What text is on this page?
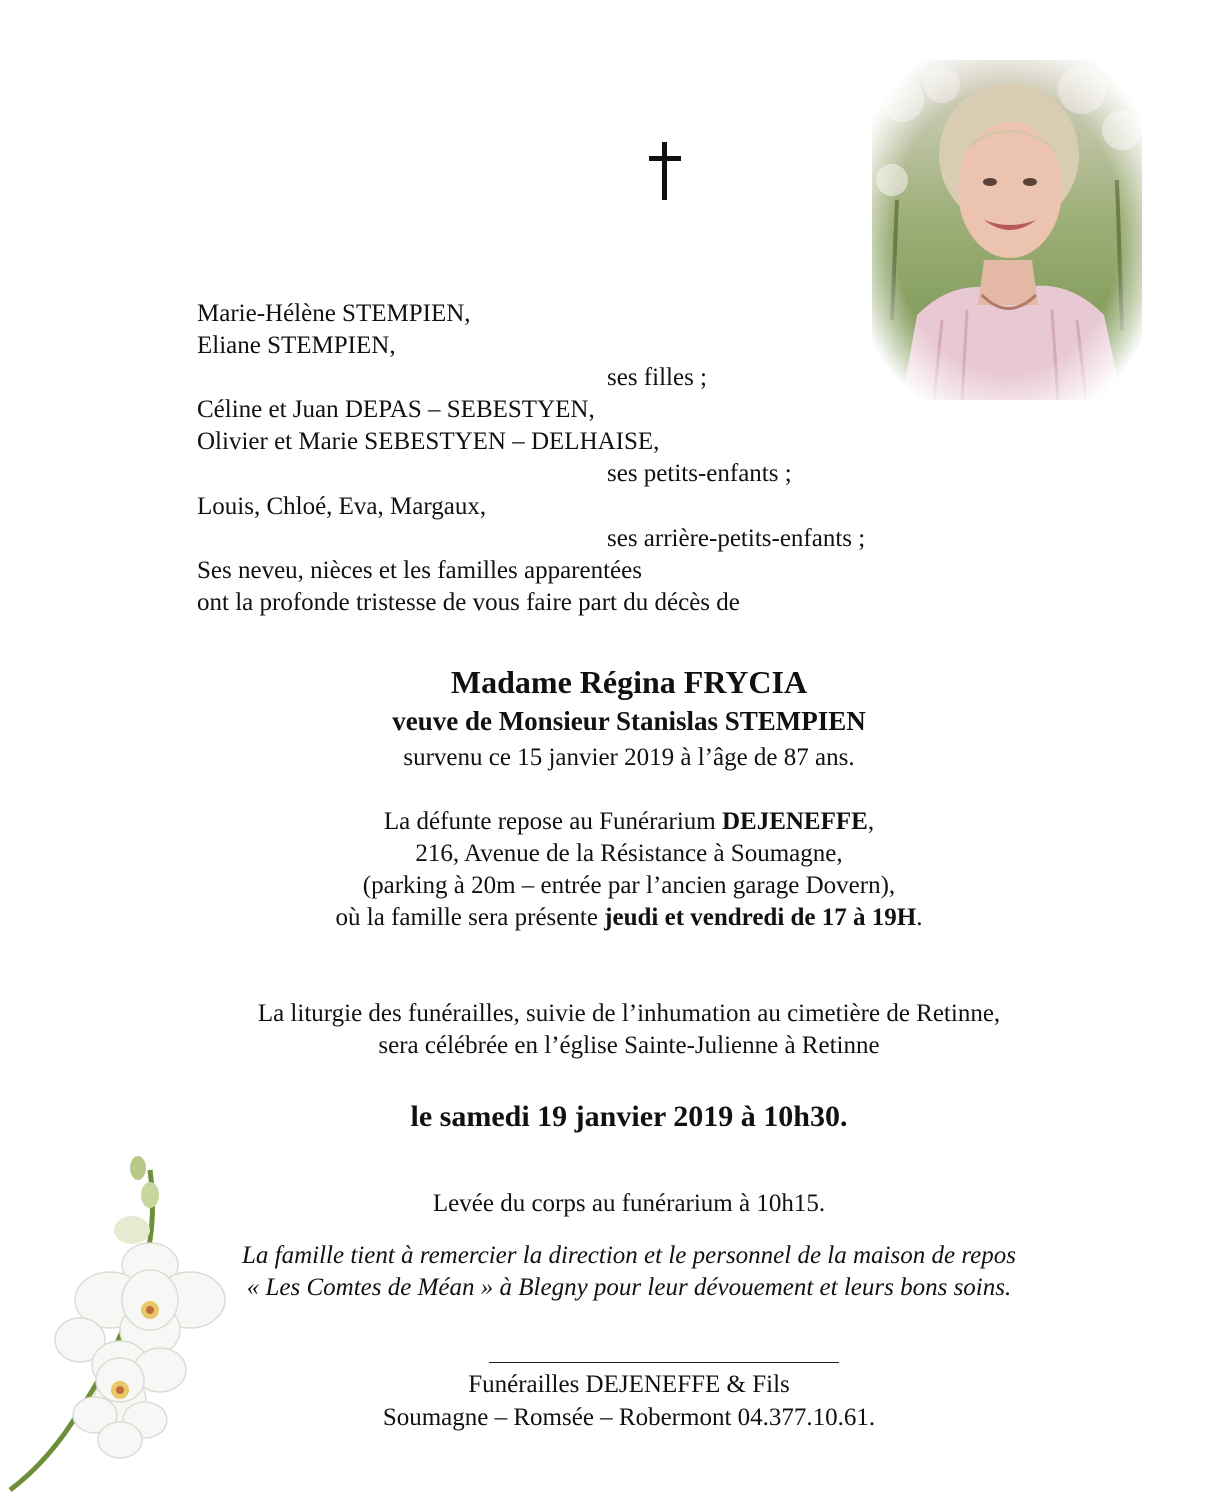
Marie-Hélène STEMPIEN,
Eliane STEMPIEN,
ses filles ;
Céline et Juan DEPAS – SEBESTYEN,
Olivier et Marie SEBESTYEN – DELHAISE,
ses petits-enfants ;
Louis, Chloé, Eva, Margaux,
ses arrière-petits-enfants ;
Ses neveu, nièces et les familles apparentées
ont la profonde tristesse de vous faire part du décès de
Madame Régina FRYCIA
veuve de Monsieur Stanislas STEMPIEN
survenu ce 15 janvier 2019 à l’âge de 87 ans.
La défunte repose au Funérarium DEJENEFFE,
216, Avenue de la Résistance à Soumagne,
(parking à 20m – entrée par l’ancien garage Dovern),
où la famille sera présente jeudi et vendredi de 17 à 19H.
La liturgie des funérailles, suivie de l’inhumation au cimetière de Retinne,
sera célébrée en l’église Sainte-Julienne à Retinne
le samedi 19 janvier 2019 à 10h30.
Levée du corps au funérarium à 10h15.
La famille tient à remercier la direction et le personnel de la maison de repos
« Les Comtes de Méan » à Blegny pour leur dévouement et leurs bons soins.
Funérailles DEJENEFFE & Fils
Soumagne – Romsée – Robermont 04.377.10.61.
